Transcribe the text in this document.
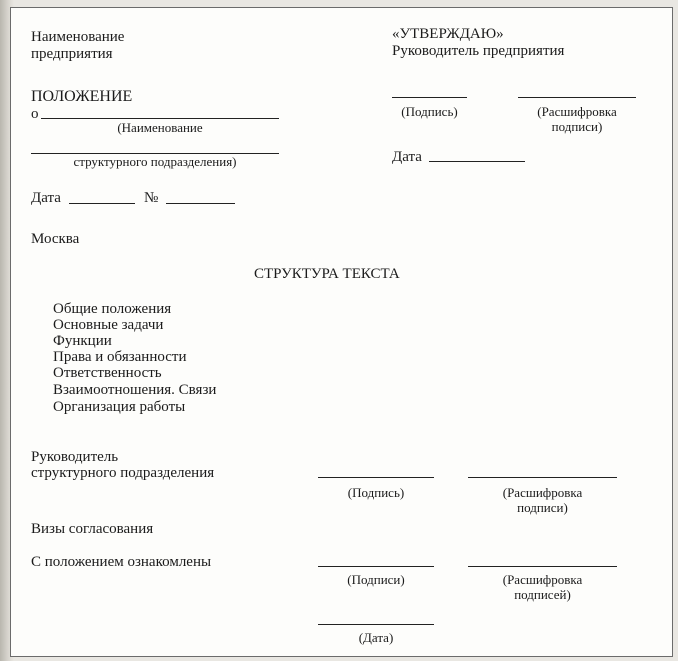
Наименование
предприятия
«УТВЕРЖДАЮ»
Руководитель предприятия
(Подпись)	(Расшифровка
подписи)
Дата
ПОЛОЖЕНИЕ
о
(Наименование
структурного подразделения)
Дата	№
Москва
СТРУКТУРА ТЕКСТА
Общие положения
Основные задачи
Функции
Права и обязанности
Ответственность
Взаимоотношения. Связи
Организация работы
Руководитель
структурного подразделения
(Подпись)	(Расшифровка
подписи)
Визы согласования
С положением ознакомлены
(Подписи)	(Расшифровка
подписей)
(Дата)
